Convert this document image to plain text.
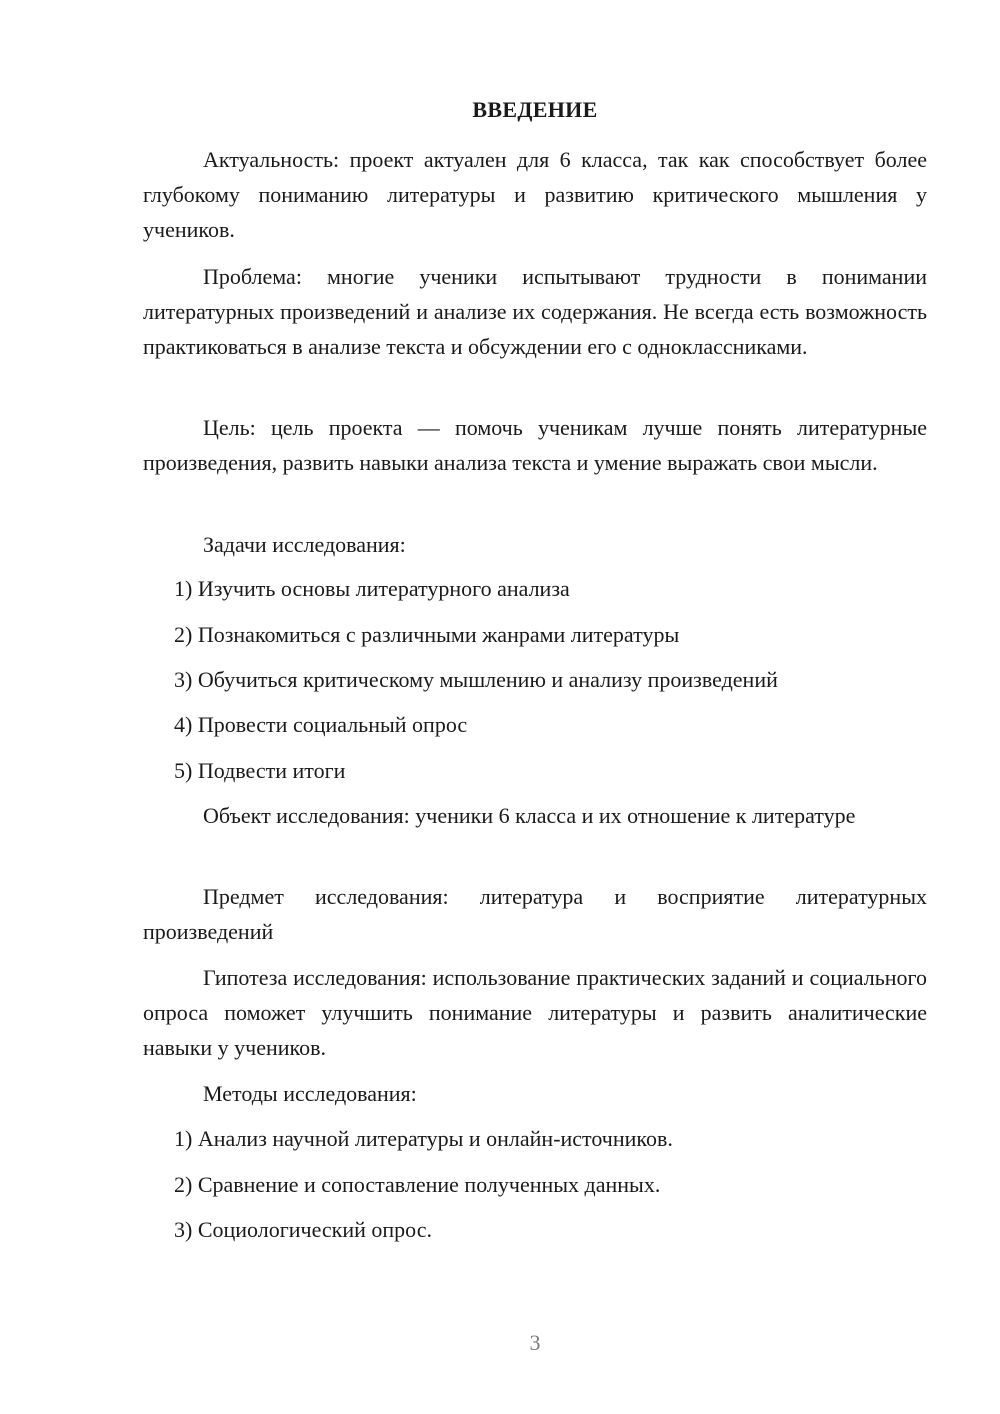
ВВЕДЕНИЕ

Актуальность: проект актуален для 6 класса, так как способствует более глубокому пониманию литературы и развитию критического мышления у учеников.

Проблема: многие ученики испытывают трудности в понимании литературных произведений и анализе их содержания. Не всегда есть возможность практиковаться в анализе текста и обсуждении его с одноклассниками.

Цель: цель проекта — помочь ученикам лучше понять литературные произведения, развить навыки анализа текста и умение выражать свои мысли.

Задачи исследования:

1) Изучить основы литературного анализа

2) Познакомиться с различными жанрами литературы

3) Обучиться критическому мышлению и анализу произведений

4) Провести социальный опрос

5) Подвести итоги

Объект исследования: ученики 6 класса и их отношение к литературе

Предмет исследования: литература и восприятие литературных произведений

Гипотеза исследования: использование практических заданий и социального опроса поможет улучшить понимание литературы и развить аналитические навыки у учеников.

Методы исследования:

1) Анализ научной литературы и онлайн-источников.

2) Сравнение и сопоставление полученных данных.

3) Социологический опрос.

3
